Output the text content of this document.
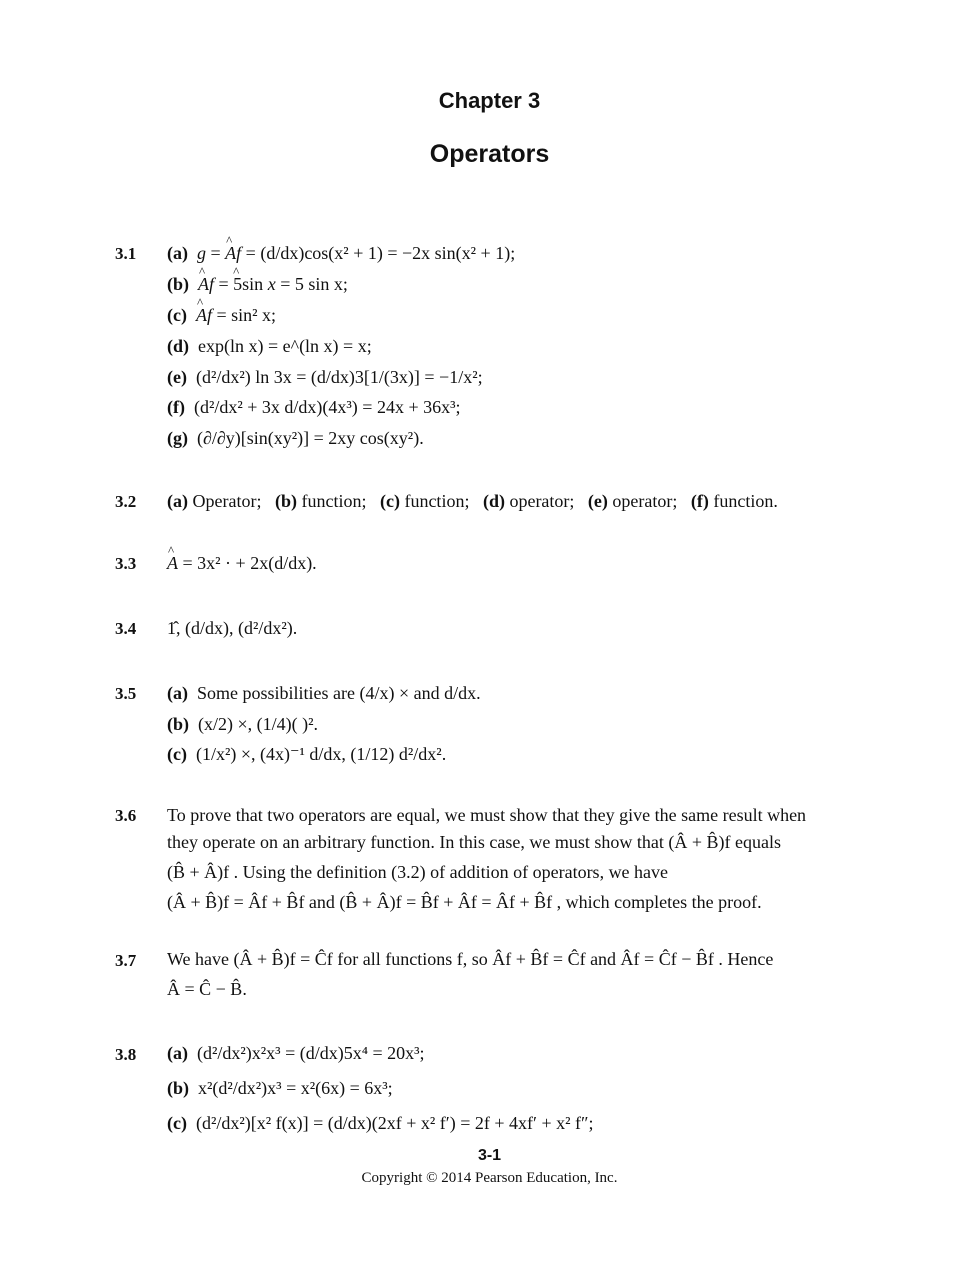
Chapter 3
Operators
3.1 (a) g = ^ Af = (d/dx)cos(x² + 1) = −2x sin(x² + 1);
(b) ^ Af = ^ 5sin x = 5 sin x;
(c) ^ Af = sin² x;
(d) exp(ln x) = e^(ln x) = x;
(e) (d²/dx²) ln 3x = (d/dx)3[1/(3x)] = −1/x²;
(f) (d²/dx² + 3x d/dx)(4x³) = 24x + 36x³;
(g) (∂/∂y)[sin(xy²)] = 2xy cos(xy²).
3.2 (a) Operator; (b) function; (c) function; (d) operator; (e) operator; (f) function.
3.3 ^ A = 3x² · + 2x(d/dx).
3.4 1̂, (d/dx), (d²/dx²).
3.5 (a) Some possibilities are (4/x) × and d/dx.
(b) (x/2) ×, (1/4)( )².
(c) (1/x²) ×, (4x)⁻¹ d/dx, (1/12) d²/dx².
3.6 To prove that two operators are equal, we must show that they give the same result when
they operate on an arbitrary function. In this case, we must show that (Â + B̂)f equals
(B̂ + Â)f . Using the definition (3.2) of addition of operators, we have
(Â + B̂)f = Âf + B̂f and (B̂ + Â)f = B̂f + Âf = Âf + B̂f , which completes the proof.
3.7 We have (Â + B̂)f = Ĉf for all functions f, so Âf + B̂f = Ĉf and Âf = Ĉf − B̂f . Hence
Â = Ĉ − B̂.
3.8 (a) (d²/dx²)x²x³ = (d/dx)5x⁴ = 20x³;
(b) x²(d²/dx²)x³ = x²(6x) = 6x³;
(c) (d²/dx²)[x² f(x)] = (d/dx)(2xf + x² f′) = 2f + 4xf′ + x² f″;
3-1
Copyright © 2014 Pearson Education, Inc.
